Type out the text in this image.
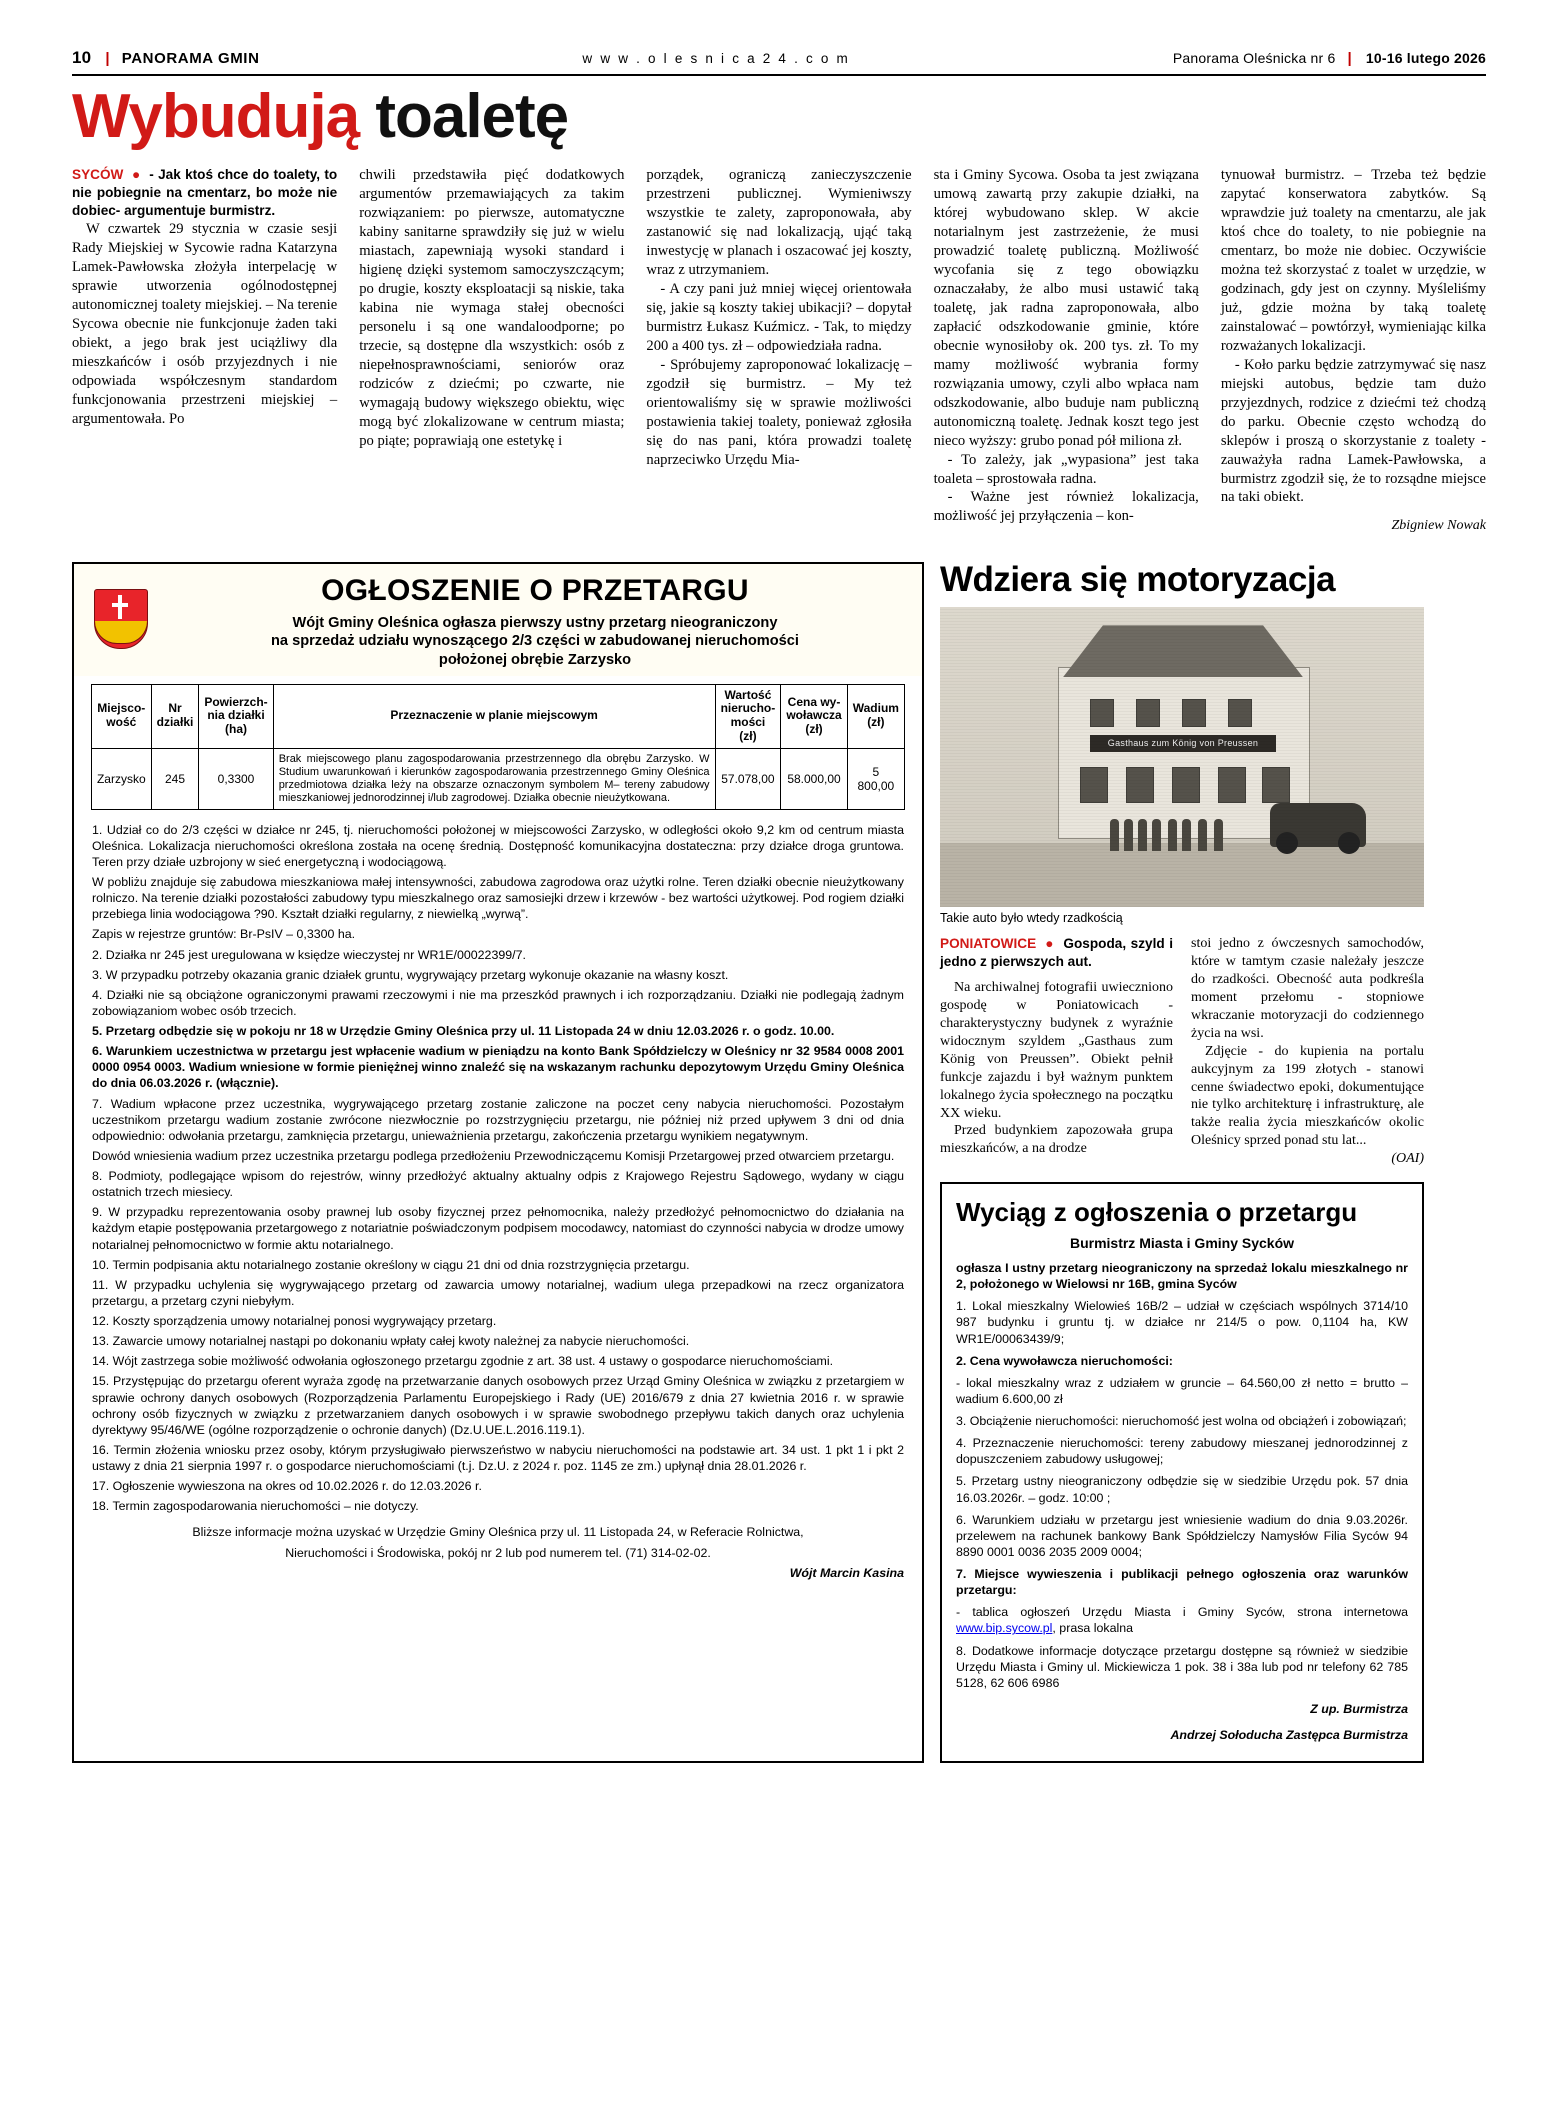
10 | PANORAMA GMIN	w w w . o l e s n i c a 2 4 . c o m	Panorama Oleśnicka nr 6 | 10-16 lutego 2026
Wybudują toaletę

SYCÓW  ●  - Jak ktoś chce do toalety, to nie pobiegnie na cmentarz, bo może nie dobiec- argumentuje burmistrz.

W czwartek 29 stycznia w czasie sesji Rady Miejskiej w Sycowie radna Katarzyna Lamek-Pawłowska złożyła interpelację w sprawie utworzenia ogólnodostępnej autonomicznej toalety miejskiej. – Na terenie Sycowa obecnie nie funkcjonuje żaden taki obiekt, a jego brak jest uciążliwy dla mieszkańców i osób przyjezdnych i nie odpowiada współczesnym standardom funkcjonowania przestrzeni miejskiej – argumentowała. Po

chwili przedstawiła pięć dodatkowych argumentów przemawiających za takim rozwiązaniem: po pierwsze, automatyczne kabiny sanitarne sprawdziły się już w wielu miastach, zapewniają wysoki standard i higienę dzięki systemom samoczyszczącym; po drugie, koszty eksploatacji są niskie, taka kabina nie wymaga stałej obecności personelu i są one wandaloodporne; po trzecie, są dostępne dla wszystkich: osób z niepełnosprawnościami, seniorów oraz rodziców z dziećmi; po czwarte, nie wymagają budowy większego obiektu, więc mogą być zlokalizowane w centrum miasta; po piąte; poprawiają one estetykę i

porządek, ograniczą zanieczyszczenie przestrzeni publicznej. Wymieniwszy wszystkie te zalety, zaproponowała, aby zastanowić się nad lokalizacją, ująć taką inwestycję w planach i oszacować jej koszty, wraz z utrzymaniem.

- A czy pani już mniej więcej orientowała się, jakie są koszty takiej ubikacji? – dopytał burmistrz Łukasz Kuźmicz. - Tak, to między 200 a 400 tys. zł – odpowiedziała radna.

- Spróbujemy zaproponować lokalizację – zgodził się burmistrz. – My też orientowaliśmy się w sprawie możliwości postawienia takiej toalety, ponieważ zgłosiła się do nas pani, która prowadzi toaletę naprzeciwko Urzędu Mia-

sta i Gminy Sycowa. Osoba ta jest związana umową zawartą przy zakupie działki, na której wybudowano sklep. W akcie notarialnym jest zastrzeżenie, że musi prowadzić toaletę publiczną. Możliwość wycofania się z tego obowiązku oznaczałaby, że albo musi ustawić taką toaletę, jak radna zaproponowała, albo zapłacić odszkodowanie gminie, które obecnie wynosiłoby ok. 200 tys. zł. To my mamy możliwość wybrania formy rozwiązania umowy, czyli albo wpłaca nam odszkodowanie, albo buduje nam publiczną autonomiczną toaletę. Jednak koszt tego jest nieco wyższy: grubo ponad pół miliona zł.

- To zależy, jak „wypasiona” jest taka toaleta – sprostowała radna.

- Ważne jest również lokalizacja, możliwość jej przyłączenia – kon-

tynuował burmistrz. – Trzeba też będzie zapytać konserwatora zabytków. Są wprawdzie już toalety na cmentarzu, ale jak ktoś chce do toalety, to nie pobiegnie na cmentarz, bo może nie dobiec. Oczywiście można też skorzystać z toalet w urzędzie, w godzinach, gdy jest on czynny. Myśleliśmy już, gdzie można by taką toaletę zainstalować – powtórzył, wymieniając kilka rozważanych lokalizacji.

- Koło parku będzie zatrzymywać się nasz miejski autobus, będzie tam dużo przyjezdnych, rodzice z dziećmi też chodzą do parku. Obecnie często wchodzą do sklepów i proszą o skorzystanie z toalety - zauważyła radna Lamek-Pawłowska, a burmistrz zgodził się, że to rozsądne miejsce na taki obiekt.

Zbigniew Nowak
OGŁOSZENIE O PRZETARGU
Wójt Gminy Oleśnica ogłasza pierwszy ustny przetarg nieograniczony
na sprzedaż udziału wynoszącego 2/3 części w zabudowanej nieruchomości
położonej obrębie Zarzysko
Miejsco-
wość	Nr
działki	Powierzch-
nia działki
(ha)	Przeznaczenie w planie miejscowym	Wartość
nierucho-
mości (zł)	Cena wy-
woławcza
(zł)	Wadium
(zł)
Zarzysko	245	0,3300	Brak miejscowego planu zagospodarowania przestrzennego dla obrębu Zarzysko. W Studium uwarunkowań i kierunków zagospodarowania przestrzennego Gminy Oleśnica przedmiotowa działka leży na obszarze oznaczonym symbolem M– tereny zabudowy mieszkaniowej jednorodzinnej i/lub zagrodowej. Działka obecnie nieużytkowana.	57.078,00	58.000,00	5 800,00

1. Udział co do 2/3 części w działce nr 245, tj. nieruchomości położonej w miejscowości Zarzysko, w odległości około 9,2 km od centrum miasta Oleśnica. Lokalizacja nieruchomości określona została na ocenę średnią. Dostępność komunikacyjna dostateczna: przy działce droga gruntowa. Teren przy działe uzbrojony w sieć energetyczną i wodociągową.

W pobliżu znajduje się zabudowa mieszkaniowa małej intensywności, zabudowa zagrodowa oraz użytki rolne. Teren działki obecnie nieużytkowany rolniczo. Na terenie działki pozostałości zabudowy typu mieszkalnego oraz samosiejki drzew i krzewów - bez wartości użytkowej. Pod rogiem działki przebiega linia wodociągowa ?90. Kształt działki regularny, z niewielką „wyrwą”.

Zapis w rejestrze gruntów: Br-PsIV – 0,3300 ha.

2. Działka nr 245 jest uregulowana w księdze wieczystej nr WR1E/00022399/7.

3. W przypadku potrzeby okazania granic działek gruntu, wygrywający przetarg wykonuje okazanie na własny koszt.

4. Działki nie są obciążone ograniczonymi prawami rzeczowymi i nie ma przeszkód prawnych i ich rozporządzaniu. Działki nie podlegają żadnym zobowiązaniom wobec osób trzecich.

5. Przetarg odbędzie się w pokoju nr 18 w Urzędzie Gminy Oleśnica przy ul. 11 Listopada 24 w dniu 12.03.2026 r. o godz. 10.00.

6. Warunkiem uczestnictwa w przetargu jest wpłacenie wadium w pieniądzu na konto Bank Spółdzielczy w Oleśnicy nr 32 9584 0008 2001 0000 0954 0003. Wadium wniesione w formie pieniężnej winno znaleźć się na wskazanym rachunku depozytowym Urzędu Gminy Oleśnica do dnia 06.03.2026 r. (włącznie).

7. Wadium wpłacone przez uczestnika, wygrywającego przetarg zostanie zaliczone na poczet ceny nabycia nieruchomości. Pozostałym uczestnikom przetargu wadium zostanie zwrócone niezwłocznie po rozstrzygnięciu przetargu, nie później niż przed upływem 3 dni od dnia odpowiednio: odwołania przetargu, zamknięcia przetargu, unieważnienia przetargu, zakończenia przetargu wynikiem negatywnym.

Dowód wniesienia wadium przez uczestnika przetargu podlega przedłożeniu Przewodniczącemu Komisji Przetargowej przed otwarciem przetargu.

8. Podmioty, podlegające wpisom do rejestrów, winny przedłożyć aktualny aktualny odpis z Krajowego Rejestru Sądowego, wydany w ciągu ostatnich trzech miesiecy.

9. W przypadku reprezentowania osoby prawnej lub osoby fizycznej przez pełnomocnika, należy przedłożyć pełnomocnictwo do działania na każdym etapie postępowania przetargowego z notariatnie poświadczonym podpisem mocodawcy, natomiast do czynności nabycia w drodze umowy notarialnej pełnomocnictwo w formie aktu notarialnego.

10. Termin podpisania aktu notarialnego zostanie określony w ciągu 21 dni od dnia rozstrzygnięcia przetargu.

11. W przypadku uchylenia się wygrywającego przetarg od zawarcia umowy notarialnej, wadium ulega przepadkowi na rzecz organizatora przetargu, a przetarg czyni niebyłym.

12. Koszty sporządzenia umowy notarialnej ponosi wygrywający przetarg.

13. Zawarcie umowy notarialnej nastąpi po dokonaniu wpłaty całej kwoty należnej za nabycie nieruchomości.

14. Wójt zastrzega sobie możliwość odwołania ogłoszonego przetargu zgodnie z art. 38 ust. 4 ustawy o gospodarce nieruchomościami.

15. Przystępując do przetargu oferent wyraża zgodę na przetwarzanie danych osobowych przez Urząd Gminy Oleśnica w związku z przetargiem w sprawie ochrony danych osobowych (Rozporządzenia Parlamentu Europejskiego i Rady (UE) 2016/679 z dnia 27 kwietnia 2016 r. w sprawie ochrony osób fizycznych w związku z przetwarzaniem danych osobowych i w sprawie swobodnego przepływu takich danych oraz uchylenia dyrektywy 95/46/WE (ogólne rozporządzenie o ochronie danych) (Dz.U.UE.L.2016.119.1).

16. Termin złożenia wniosku przez osoby, którym przysługiwało pierwszeństwo w nabyciu nieruchomości na podstawie art. 34 ust. 1 pkt 1 i pkt 2 ustawy z dnia 21 sierpnia 1997 r. o gospodarce nieruchomościami (t.j. Dz.U. z 2024 r. poz. 1145 ze zm.) upłynął dnia 28.01.2026 r.

17. Ogłoszenie wywieszona na okres od 10.02.2026 r. do 12.03.2026 r.

18. Termin zagospodarowania nieruchomości – nie dotyczy.

Bliższe informacje można uzyskać w Urzędzie Gminy Oleśnica przy ul. 11 Listopada 24, w Referacie Rolnictwa,

Nieruchomości i Środowiska, pokój nr 2 lub pod numerem tel. (71) 314-02-02.

Wójt Marcin Kasina

Wdziera się motoryzacja
Gasthaus zum König von Preussen
Takie auto było wtedy rzadkością

PONIATOWICE  ●  Gospoda, szyld i jedno z pierwszych aut.

Na archiwalnej fotografii uwieczniono gospodę w Poniatowicach - charakterystyczny budynek z wyraźnie widocznym szyldem „Gasthaus zum König von Preussen”. Obiekt pełnił funkcje zajazdu i był ważnym punktem lokalnego życia społecznego na początku XX wieku.

Przed budynkiem zapozowała grupa mieszkańców, a na drodze

stoi jedno z ówczesnych samochodów, które w tamtym czasie należały jeszcze do rzadkości. Obecność auta podkreśla moment przełomu - stopniowe wkraczanie motoryzacji do codziennego życia na wsi.

Zdjęcie - do kupienia na portalu aukcyjnym za 199 złotych - stanowi cenne świadectwo epoki, dokumentujące nie tylko architekturę i infrastrukturę, ale także realia życia mieszkańców okolic Oleśnicy sprzed ponad stu lat...

(OAI)

Wyciąg z ogłoszenia o przetargu
Burmistrz Miasta i Gminy Sycków

ogłasza I ustny przetarg nieograniczony na sprzedaż lokalu mieszkalnego nr 2, położonego w Wielowsi nr 16B, gmina Syców

1. Lokal mieszkalny Wielowieś 16B/2 – udział w częściach wspólnych 3714/10 987 budynku i gruntu tj. w działce nr 214/5 o pow. 0,1104 ha, KW WR1E/00063439/9;

2. Cena wywoławcza nieruchomości:

- lokal mieszkalny wraz z udziałem w gruncie – 64.560,00 zł netto = brutto – wadium 6.600,00 zł

3. Obciążenie nieruchomości: nieruchomość jest wolna od obciążeń i zobowiązań;

4. Przeznaczenie nieruchomości: tereny zabudowy mieszanej jednorodzinnej z dopuszczeniem zabudowy usługowej;

5. Przetarg ustny nieograniczony odbędzie się w siedzibie Urzędu pok. 57 dnia 16.03.2026r. – godz. 10:00 ;

6. Warunkiem udziału w przetargu jest wniesienie wadium do dnia 9.03.2026r. przelewem na rachunek bankowy Bank Spółdzielczy Namysłów Filia Syców 94 8890 0001 0036 2035 2009 0004;

7. Miejsce wywieszenia i publikacji pełnego ogłoszenia oraz warunków przetargu:

- tablica ogłoszeń Urzędu Miasta i Gminy Syców, strona internetowa www.bip.sycow.pl, prasa lokalna

8. Dodatkowe informacje dotyczące przetargu dostępne są również w siedzibie Urzędu Miasta i Gminy ul. Mickiewicza 1 pok. 38 i 38a lub pod nr telefony 62 785 5128, 62 606 6986

Z up. Burmistrza

Andrzej Sołoducha Zastępca Burmistrza
